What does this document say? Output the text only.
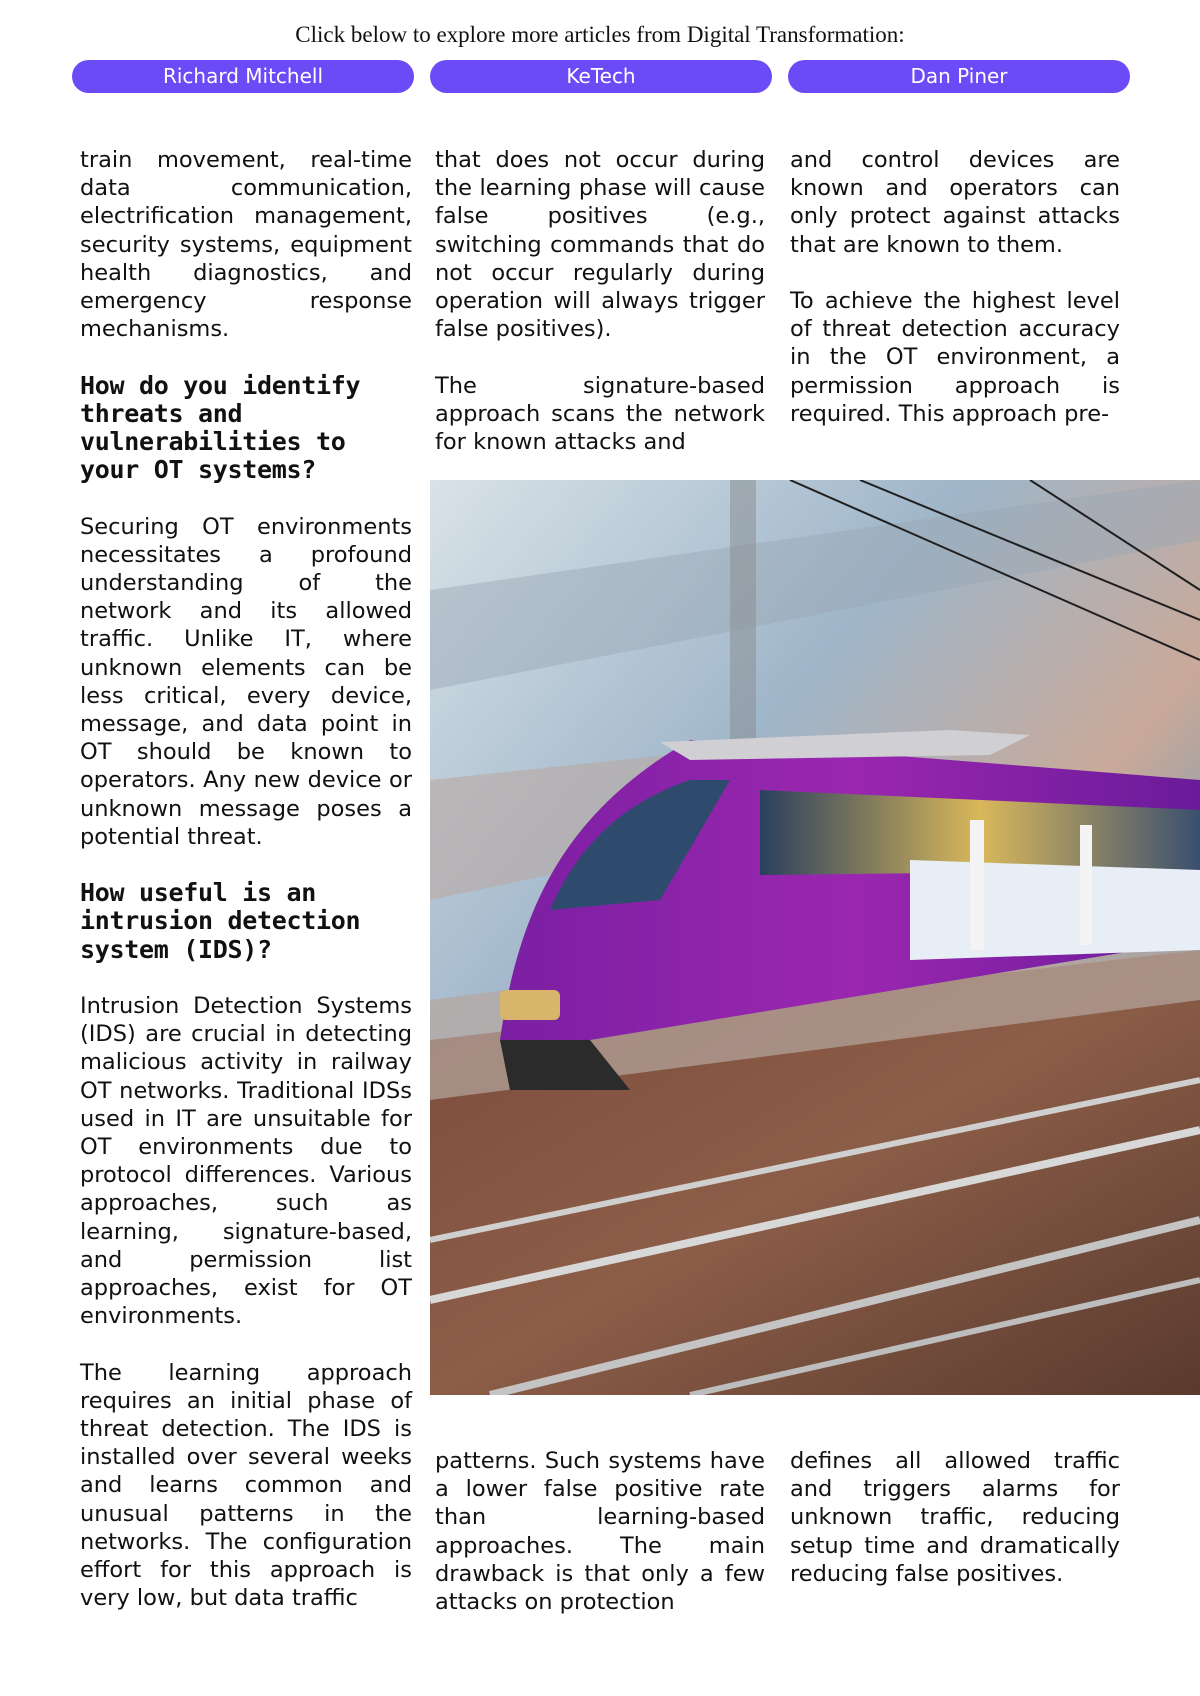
Click below to explore more articles from Digital Transformation:
Richard Mitchell	KeTech	Dan Piner

train movement, real-time data communication, electrification management, security systems, equipment health diagnostics, and emergency response mechanisms.

How do you identify threats and vulnerabilities to your OT systems?

Securing OT environments necessitates a profound understanding of the network and its allowed traffic. Unlike IT, where unknown elements can be less critical, every device, message, and data point in OT should be known to operators. Any new device or unknown message poses a potential threat.

How useful is an intrusion detection system (IDS)?

Intrusion Detection Systems (IDS) are crucial in detecting malicious activity in railway OT networks. Traditional IDSs used in IT are unsuitable for OT environments due to protocol differences. Various approaches, such as learning, signature-based, and permission list approaches, exist for OT environments.

The learning approach requires an initial phase of threat detection. The IDS is installed over several weeks and learns common and unusual patterns in the networks. The configuration effort for this approach is very low, but data traffic

that does not occur during the learning phase will cause false positives (e.g., switching commands that do not occur regularly during operation will always trigger false positives).

The signature-based approach scans the network for known attacks and

and control devices are known and operators can only protect against attacks that are known to them.

To achieve the highest level of threat detection accuracy in the OT environment, a permission approach is required. This approach pre-

patterns. Such systems have a lower false positive rate than learning-based approaches. The main drawback is that only a few attacks on protection

defines all allowed traffic and triggers alarms for unknown traffic, reducing setup time and dramatically reducing false positives.
